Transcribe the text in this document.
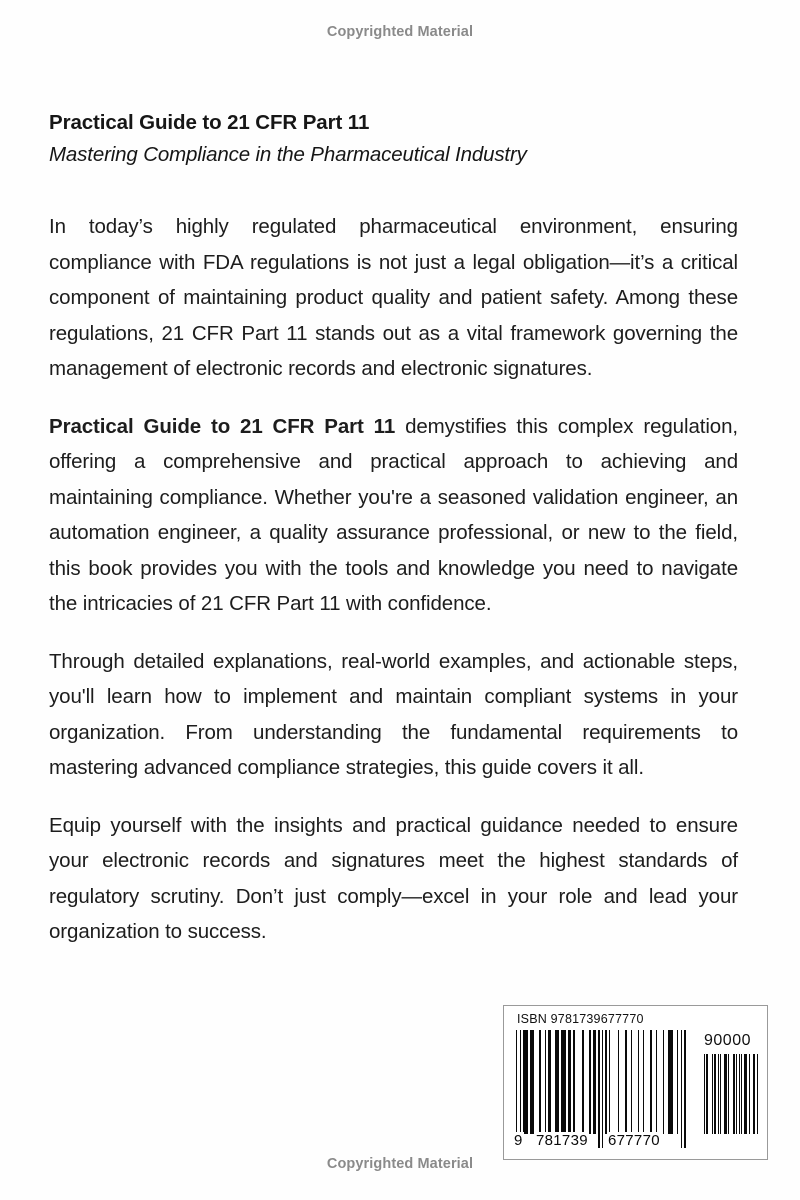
Copyrighted Material
Practical Guide to 21 CFR Part 11
Mastering Compliance in the Pharmaceutical Industry

In today’s highly regulated pharmaceutical environment, ensuring compliance with FDA regulations is not just a legal obligation—it’s a critical component of maintaining product quality and patient safety. Among these regulations, 21 CFR Part 11 stands out as a vital framework governing the management of electronic records and electronic signatures.

Practical Guide to 21 CFR Part 11 demystifies this complex regulation, offering a comprehensive and practical approach to achieving and maintaining compliance. Whether you're a seasoned validation engineer, an automation engineer, a quality assurance professional, or new to the field, this book provides you with the tools and knowledge you need to navigate the intricacies of 21 CFR Part 11 with confidence.

Through detailed explanations, real-world examples, and actionable steps, you'll learn how to implement and maintain compliant systems in your organization. From understanding the fundamental requirements to mastering advanced compliance strategies, this guide covers it all.

Equip yourself with the insights and practical guidance needed to ensure your electronic records and signatures meet the highest standards of regulatory scrutiny. Don’t just comply—excel in your role and lead your organization to success.

ISBN 9781739677770
90000
9 781739 677770
Copyrighted Material
